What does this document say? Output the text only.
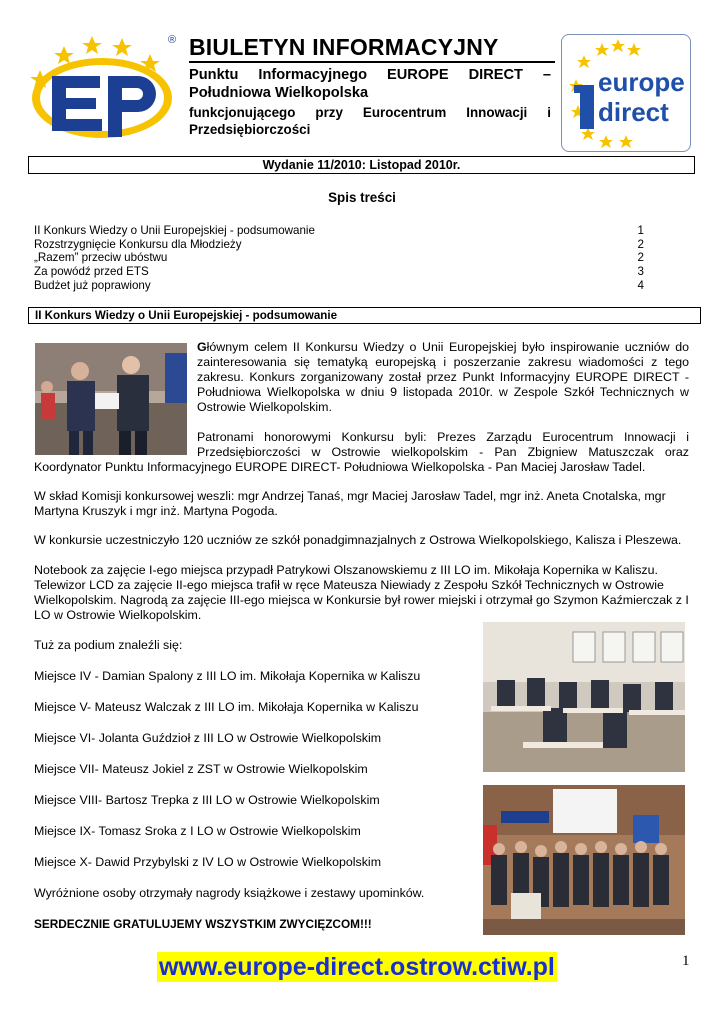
® BIULETYN INFORMACYJNY
Punktu Informacyjnego EUROPE DIRECT –
Południowa Wielkopolska
funkcjonującego przy Eurocentrum Innowacji i
Przedsiębiorczości
europe
direct
Wydanie 11/2010: Listopad 2010r.
Spis treści
II Konkurs Wiedzy o Unii Europejskiej - podsumowanie	1
Rozstrzygnięcie Konkursu dla Młodzieży	2
„Razem” przeciw ubóstwu	2
Za powódź przed ETS	3
Budżet już poprawiony	4
II Konkurs Wiedzy o Unii Europejskiej - podsumowanie
Głównym celem II Konkursu Wiedzy o Unii Europejskiej było inspirowanie uczniów do
zainteresowania się tematyką europejską i poszerzanie zakresu wiadomości z tego
zakresu. Konkurs zorganizowany został przez Punkt Informacyjny EUROPE DIRECT -
Południowa Wielkopolska w dniu 9 listopada 2010r. w Zespole Szkół Technicznych w
Ostrowie Wielkopolskim.
Patronami honorowymi Konkursu byli: Prezes Zarządu Eurocentrum Innowacji i
Przedsiębiorczości w Ostrowie wielkopolskim - Pan Zbigniew Matuszczak oraz
Koordynator Punktu Informacyjnego EUROPE DIRECT- Południowa Wielkopolska - Pan Maciej Jarosław Tadel.
W skład Komisji konkursowej weszli: mgr Andrzej Tanaś, mgr Maciej Jarosław Tadel, mgr inż. Aneta Cnotalska, mgr
Martyna Kruszyk i mgr inż. Martyna Pogoda.
W konkursie uczestniczyło 120 uczniów ze szkół ponadgimnazjalnych z Ostrowa Wielkopolskiego, Kalisza i Pleszewa.
Notebook za zajęcie I-ego miejsca przypadł Patrykowi Olszanowskiemu z III LO im. Mikołaja Kopernika w Kaliszu.
Telewizor LCD za zajęcie II-ego miejsca trafił w ręce Mateusza Niewiady z Zespołu Szkół Technicznych w Ostrowie
Wielkopolskim. Nagrodą za zajęcie III-ego miejsca w Konkursie był rower miejski i otrzymał go Szymon Kaźmierczak z I
LO w Ostrowie Wielkopolskim.
Tuż za podium znaleźli się:
Miejsce IV - Damian Spalony z III LO im. Mikołaja Kopernika w Kaliszu
Miejsce V- Mateusz Walczak z III LO im. Mikołaja Kopernika w Kaliszu
Miejsce VI- Jolanta Guździoł z III LO w Ostrowie Wielkopolskim
Miejsce VII- Mateusz Jokiel z ZST w Ostrowie Wielkopolskim
Miejsce VIII- Bartosz Trepka z III LO w Ostrowie Wielkopolskim
Miejsce IX- Tomasz Sroka z I LO w Ostrowie Wielkopolskim
Miejsce X- Dawid Przybylski z IV LO w Ostrowie Wielkopolskim
Wyróżnione osoby otrzymały nagrody książkowe i zestawy upominków.
SERDECZNIE GRATULUJEMY WSZYSTKIM ZWYCIĘZCOM!!!
www.europe-direct.ostrow.ctiw.pl	1
